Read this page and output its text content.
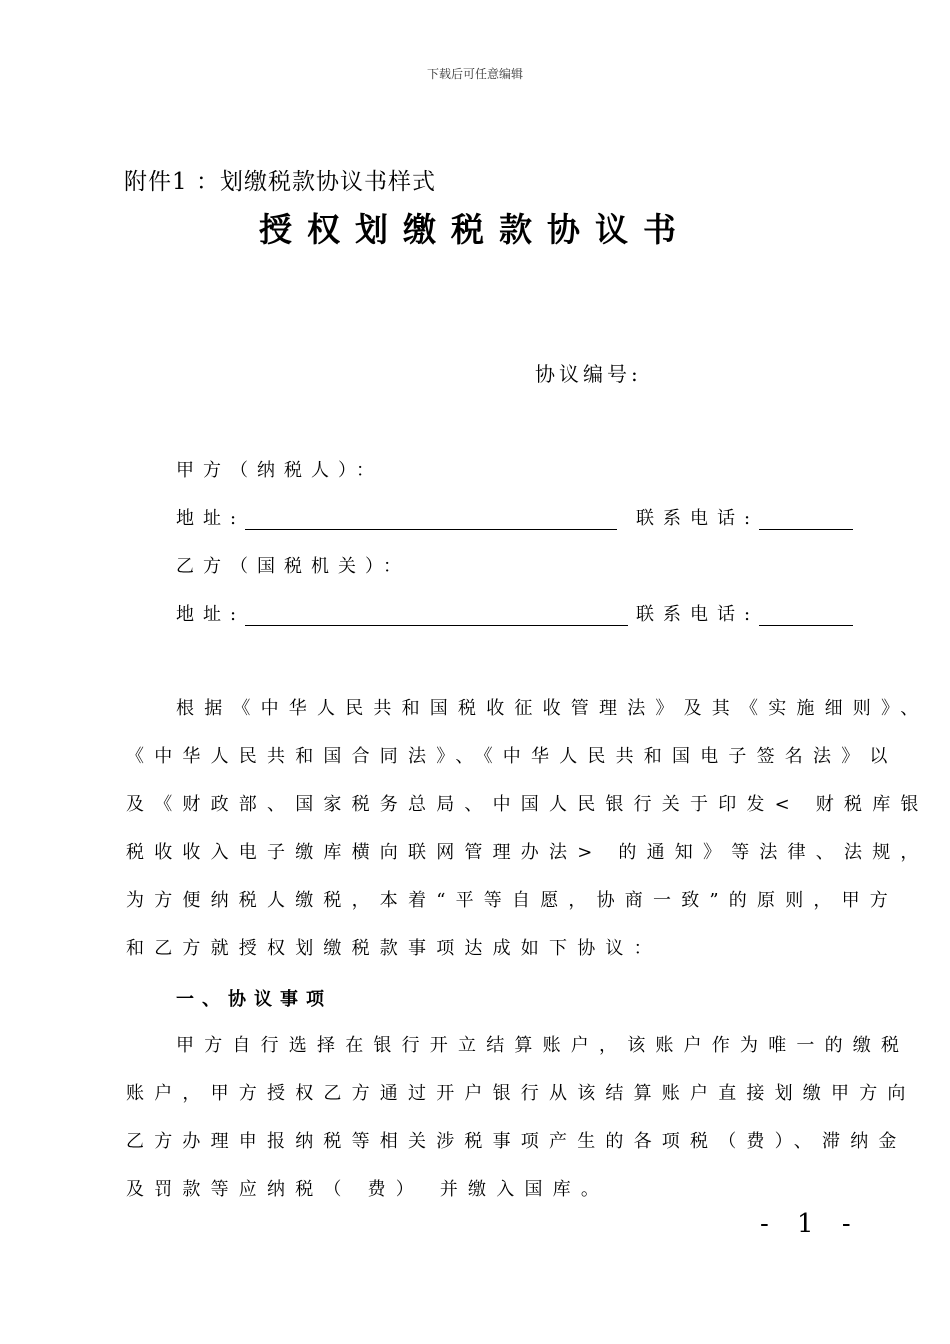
下载后可任意编辑
附件1 ：划缴税款协议书样式
授权划缴税款协议书
协议编号:
甲方（纳税人）：
地址:	联系电话:
乙方（国税机关）：
地址:	联系电话:
根据《中华人民共和国税收征收管理法》及其《实施细则》、
《中华人民共和国合同法》、《中华人民共和国电子签名法》以
及《财政部、国家税务总局、中国人民银行关于印发< 财税库银
税收收入电子缴库横向联网管理办法> 的通知》等法律、法规，
为方便纳税人缴税，本着“平等自愿，协商一致”的原则，甲方
和乙方就授权划缴税款事项达成如下协议：
一、协议事项
甲方自行选择在银行开立结算账户，该账户作为唯一的缴税
账户，甲方授权乙方通过开户银行从该结算账户直接划缴甲方向
乙方办理申报纳税等相关涉税事项产生的各项税（费）、滞纳金
及罚款等应纳税（ 费） 并缴入国库。
- 1 -
